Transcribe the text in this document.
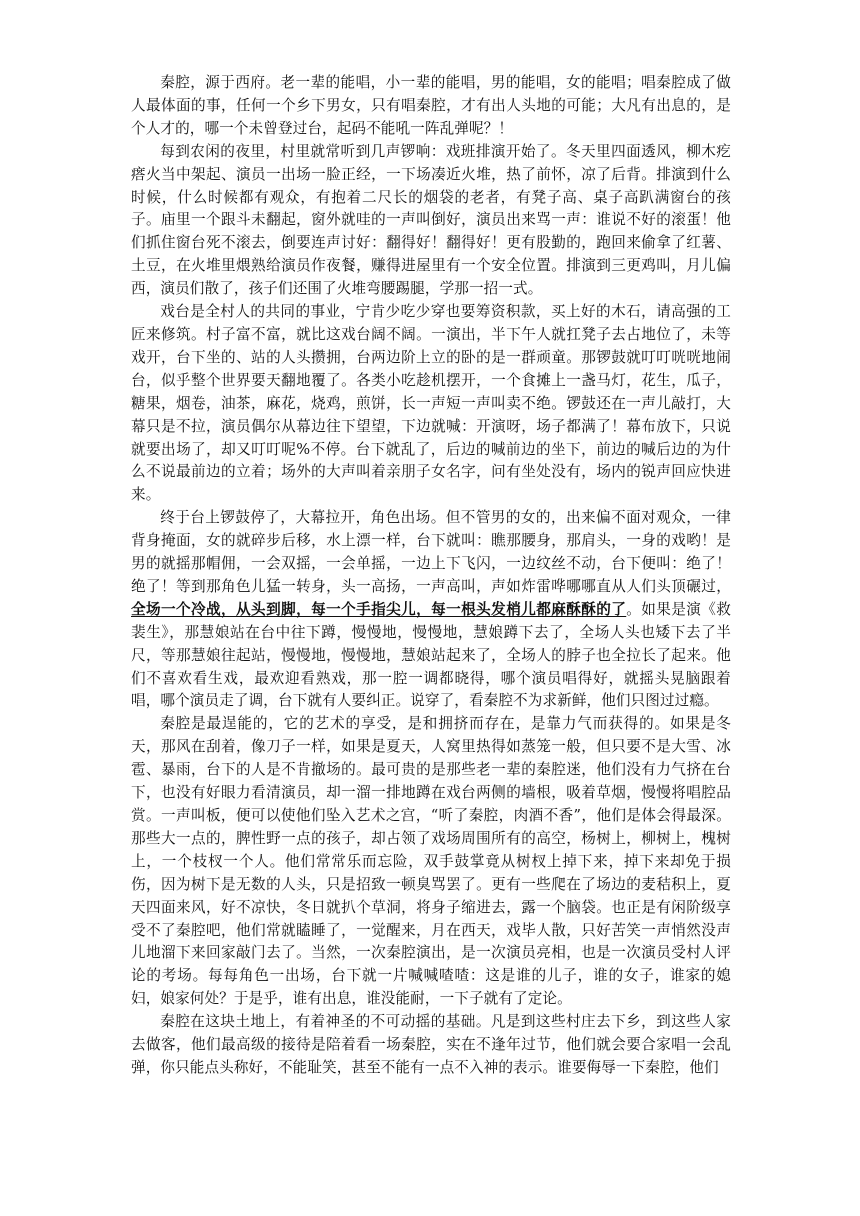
秦腔，源于西府。老一辈的能唱，小一辈的能唱，男的能唱，女的能唱；唱秦腔成了做人最体面的事，任何一个乡下男女，只有唱秦腔，才有出人头地的可能；大凡有出息的，是个人才的，哪一个未曾登过台，起码不能吼一阵乱弹呢？！

每到农闲的夜里，村里就常听到几声锣响：戏班排演开始了。冬天里四面透风，柳木疙瘩火当中架起、演员一出场一脸正经，一下场凑近火堆，热了前怀，凉了后背。排演到什么时候，什么时候都有观众，有抱着二尺长的烟袋的老者，有凳子高、桌子高趴满窗台的孩子。庙里一个跟斗未翻起，窗外就哇的一声叫倒好，演员出来骂一声：谁说不好的滚蛋！他们抓住窗台死不滚去，倒要连声讨好：翻得好！翻得好！更有股勤的，跑回来偷拿了红薯、土豆，在火堆里煨熟给演员作夜餐，赚得进屋里有一个安全位置。排演到三更鸡叫，月儿偏西，演员们散了，孩子们还围了火堆弯腰踢腿，学那一招一式。

戏台是全村人的共同的事业，宁肯少吃少穿也要筹资积款，买上好的木石，请高强的工匠来修筑。村子富不富，就比这戏台阔不阔。一演出，半下午人就扛凳子去占地位了，未等戏开，台下坐的、站的人头攒拥，台两边阶上立的卧的是一群顽童。那锣鼓就叮叮咣咣地闹台，似乎整个世界要天翻地覆了。各类小吃趁机摆开，一个食摊上一盏马灯，花生，瓜子，糖果，烟卷，油茶，麻花，烧鸡，煎饼，长一声短一声叫卖不绝。锣鼓还在一声儿敲打，大幕只是不拉，演员偶尔从幕边往下望望，下边就喊：开演呀，场子都满了！幕布放下，只说就要出场了，却又叮叮呢%不停。台下就乱了，后边的喊前边的坐下，前边的喊后边的为什么不说最前边的立着；场外的大声叫着亲朋子女名字，问有坐处没有，场内的锐声回应快进来。

终于台上锣鼓停了，大幕拉开，角色出场。但不管男的女的，出来偏不面对观众，一律背身掩面，女的就碎步后移，水上漂一样，台下就叫：瞧那腰身，那肩头，一身的戏哟！是男的就摇那帽佣，一会双摇，一会单摇，一边上下飞闪，一边纹丝不动，台下便叫：绝了！绝了！等到那角色儿猛一转身，头一高扬，一声高叫，声如炸雷哗哪哪直从人们头顶碾过，全场一个冷战，从头到脚，每一个手指尖儿，每一根头发梢儿都麻酥酥的了。如果是演《救裴生》，那慧娘站在台中往下蹲，慢慢地，慢慢地，慧娘蹲下去了，全场人头也矮下去了半尺，等那慧娘往起站，慢慢地，慢慢地，慧娘站起来了，全场人的脖子也全拉长了起来。他们不喜欢看生戏，最欢迎看熟戏，那一腔一调都晓得，哪个演员唱得好，就摇头晃脑跟着唱，哪个演员走了调，台下就有人要纠正。说穿了，看秦腔不为求新鲜，他们只图过过瘾。

秦腔是最逞能的，它的艺术的享受，是和拥挤而存在，是靠力气而获得的。如果是冬天，那风在刮着，像刀子一样，如果是夏天，人窝里热得如蒸笼一般，但只要不是大雪、冰雹、暴雨，台下的人是不肯撤场的。最可贵的是那些老一辈的秦腔迷，他们没有力气挤在台下，也没有好眼力看清演员，却一溜一排地蹲在戏台两侧的墙根，吸着草烟，慢慢将唱腔品赏。一声叫板，便可以使他们坠入艺术之宫，“听了秦腔，肉酒不香”，他们是体会得最深。那些大一点的，脾性野一点的孩子，却占领了戏场周围所有的高空，杨树上，柳树上，槐树上，一个枝杈一个人。他们常常乐而忘险，双手鼓掌竟从树杈上掉下来，掉下来却免于损伤，因为树下是无数的人头，只是招致一顿臭骂罢了。更有一些爬在了场边的麦秸积上，夏天四面来风，好不凉快，冬日就扒个草洞，将身子缩进去，露一个脑袋。也正是有闲阶级享受不了秦腔吧，他们常就瞌睡了，一觉醒来，月在西天，戏毕人散，只好苦笑一声悄然没声儿地溜下来回家敲门去了。当然，一次秦腔演出，是一次演员亮相，也是一次演员受村人评论的考场。每每角色一出场，台下就一片喊喊喳喳：这是谁的儿子，谁的女子，谁家的媳妇，娘家何处？于是乎，谁有出息，谁没能耐，一下子就有了定论。

秦腔在这块土地上，有着神圣的不可动摇的基础。凡是到这些村庄去下乡，到这些人家去做客，他们最高级的接待是陪着看一场秦腔，实在不逢年过节，他们就会要合家唱一会乱弹，你只能点头称好，不能耻笑，甚至不能有一点不入神的表示。谁要侮辱一下秦腔，他们
